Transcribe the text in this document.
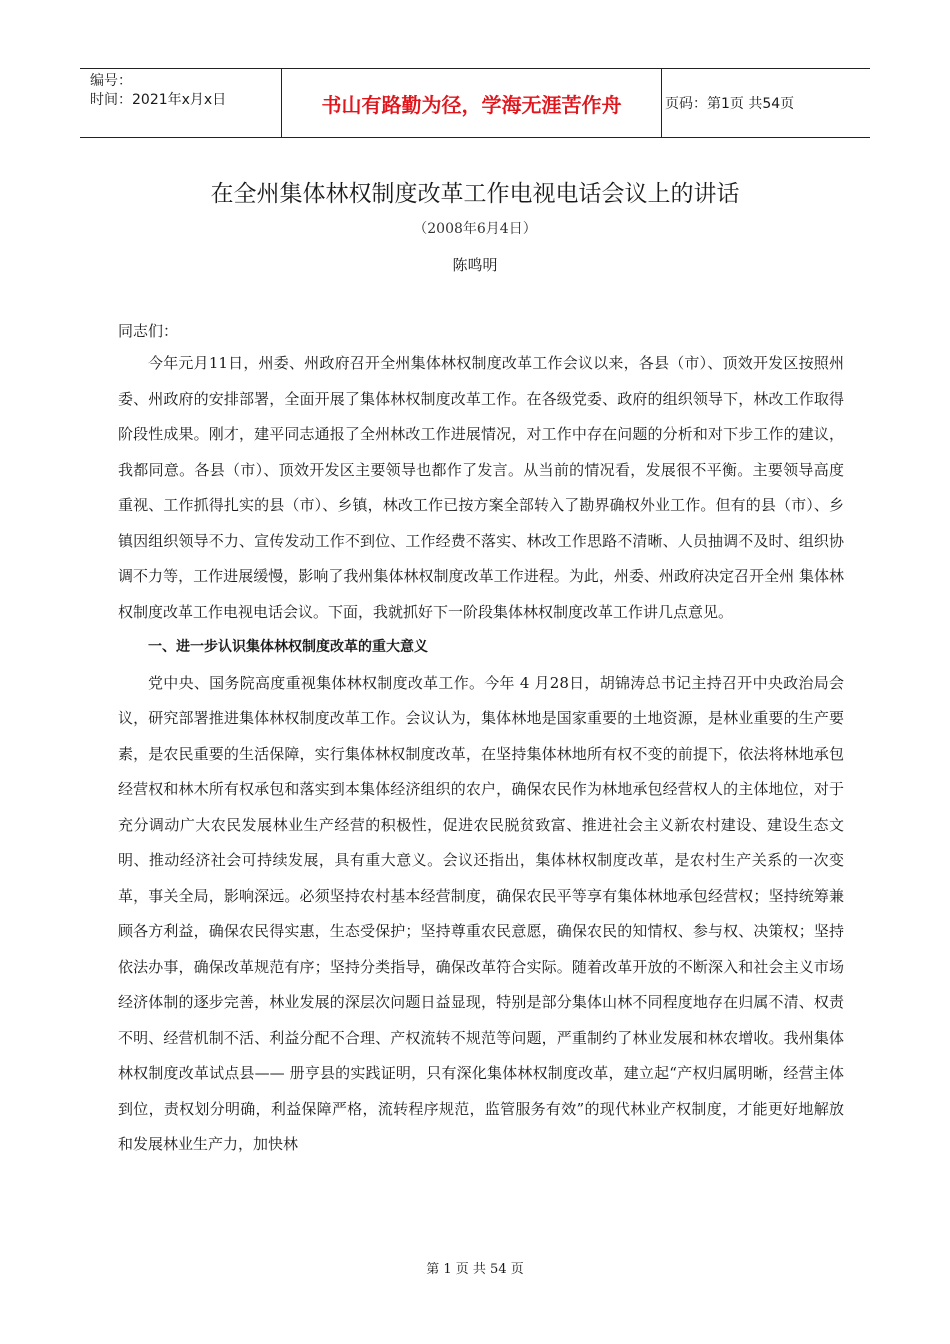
编号：
时间：2021年x月x日	书山有路勤为径，学海无涯苦作舟	页码：第1页 共54页
在全州集体林权制度改革工作电视电话会议上的讲话
（2008年6月4日）
陈鸣明
同志们：

今年元月11日，州委、州政府召开全州集体林权制度改革工作会议以来，各县（市）、顶效开发区按照州委、州政府的安排部署，全面开展了集体林权制度改革工作。在各级党委、政府的组织领导下，林改工作取得阶段性成果。刚才，建平同志通报了全州林改工作进展情况，对工作中存在问题的分析和对下步工作的建议，我都同意。各县（市）、顶效开发区主要领导也都作了发言。从当前的情况看，发展很不平衡。主要领导高度重视、工作抓得扎实的县（市）、乡镇，林改工作已按方案全部转入了勘界确权外业工作。但有的县（市）、乡镇因组织领导不力、宣传发动工作不到位、工作经费不落实、林改工作思路不清晰、人员抽调不及时、组织协调不力等，工作进展缓慢，影响了我州集体林权制度改革工作进程。为此，州委、州政府决定召开全州 集体林权制度改革工作电视电话会议。下面，我就抓好下一阶段集体林权制度改革工作讲几点意见。

一、进一步认识集体林权制度改革的重大意义

党中央、国务院高度重视集体林权制度改革工作。今年 4 月28日，胡锦涛总书记主持召开中央政治局会议，研究部署推进集体林权制度改革工作。会议认为，集体林地是国家重要的土地资源，是林业重要的生产要素，是农民重要的生活保障，实行集体林权制度改革，在坚持集体林地所有权不变的前提下，依法将林地承包经营权和林木所有权承包和落实到本集体经济组织的农户，确保农民作为林地承包经营权人的主体地位，对于充分调动广大农民发展林业生产经营的积极性，促进农民脱贫致富、推进社会主义新农村建设、建设生态文明、推动经济社会可持续发展，具有重大意义。会议还指出，集体林权制度改革，是农村生产关系的一次变革，事关全局，影响深远。必须坚持农村基本经营制度，确保农民平等享有集体林地承包经营权；坚持统筹兼顾各方利益，确保农民得实惠，生态受保护；坚持尊重农民意愿，确保农民的知情权、参与权、决策权；坚持依法办事，确保改革规范有序；坚持分类指导，确保改革符合实际。随着改革开放的不断深入和社会主义市场经济体制的逐步完善，林业发展的深层次问题日益显现，特别是部分集体山林不同程度地存在归属不清、权责不明、经营机制不活、利益分配不合理、产权流转不规范等问题，严重制约了林业发展和林农增收。我州集体林权制度改革试点县—— 册亨县的实践证明，只有深化集体林权制度改革，建立起“产权归属明晰，经营主体到位，责权划分明确，利益保障严格，流转程序规范，监管服务有效”的现代林业产权制度，才能更好地解放和发展林业生产力，加快林

第 1 页 共 54 页
